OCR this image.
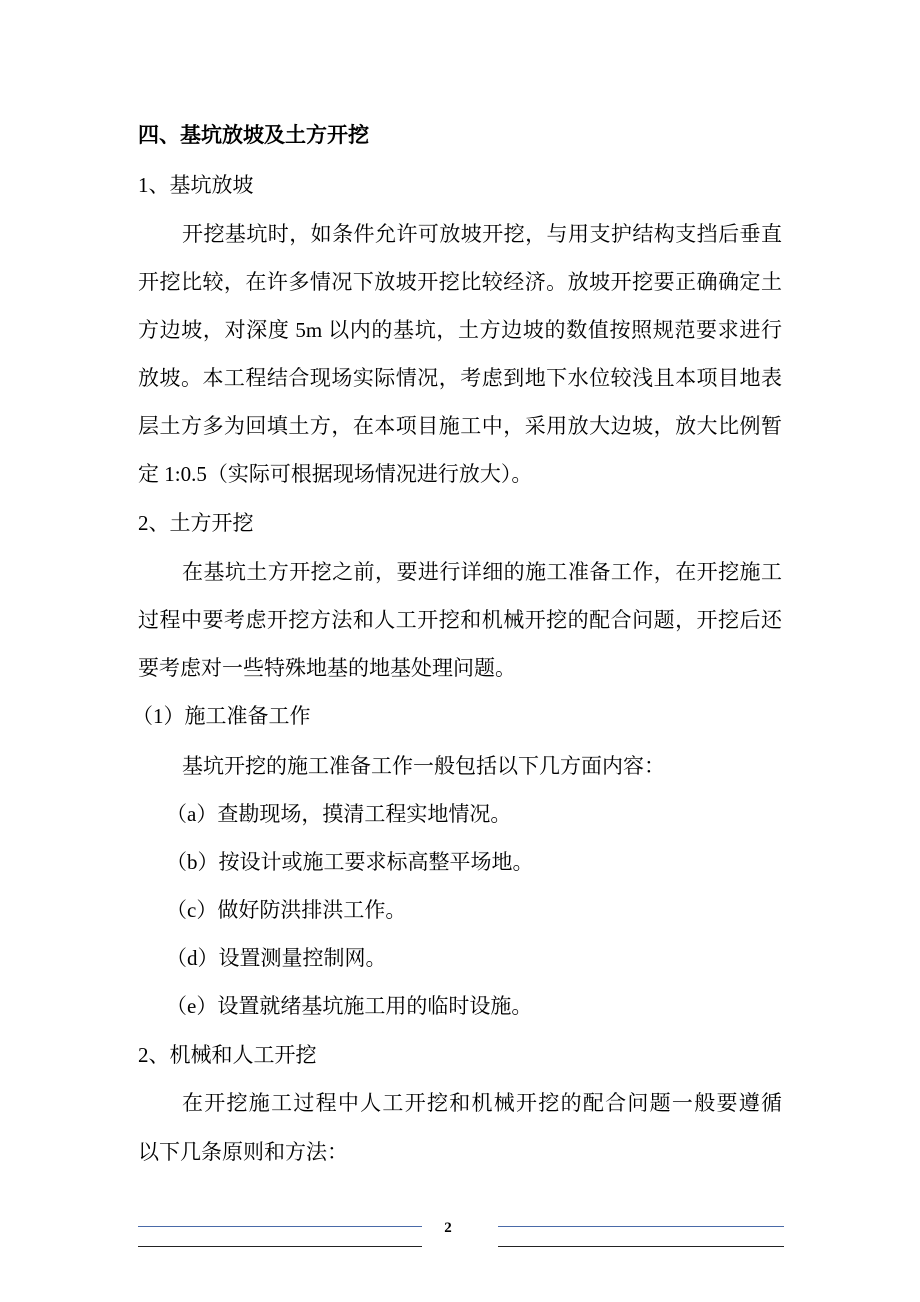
四、基坑放坡及土方开挖
1、基坑放坡
开挖基坑时，如条件允许可放坡开挖，与用支护结构支挡后垂直
开挖比较，在许多情况下放坡开挖比较经济。放坡开挖要正确确定土
方边坡，对深度 5m 以内的基坑，土方边坡的数值按照规范要求进行
放坡。本工程结合现场实际情况，考虑到地下水位较浅且本项目地表
层土方多为回填土方，在本项目施工中，采用放大边坡，放大比例暂
定 1:0.5（实际可根据现场情况进行放大）。
2、土方开挖
在基坑土方开挖之前，要进行详细的施工准备工作，在开挖施工
过程中要考虑开挖方法和人工开挖和机械开挖的配合问题，开挖后还
要考虑对一些特殊地基的地基处理问题。
（1）施工准备工作
基坑开挖的施工准备工作一般包括以下几方面内容：
（a）查勘现场，摸清工程实地情况。
（b）按设计或施工要求标高整平场地。
（c）做好防洪排洪工作。
（d）设置测量控制网。
（e）设置就绪基坑施工用的临时设施。
2、机械和人工开挖
在开挖施工过程中人工开挖和机械开挖的配合问题一般要遵循
以下几条原则和方法：
2
